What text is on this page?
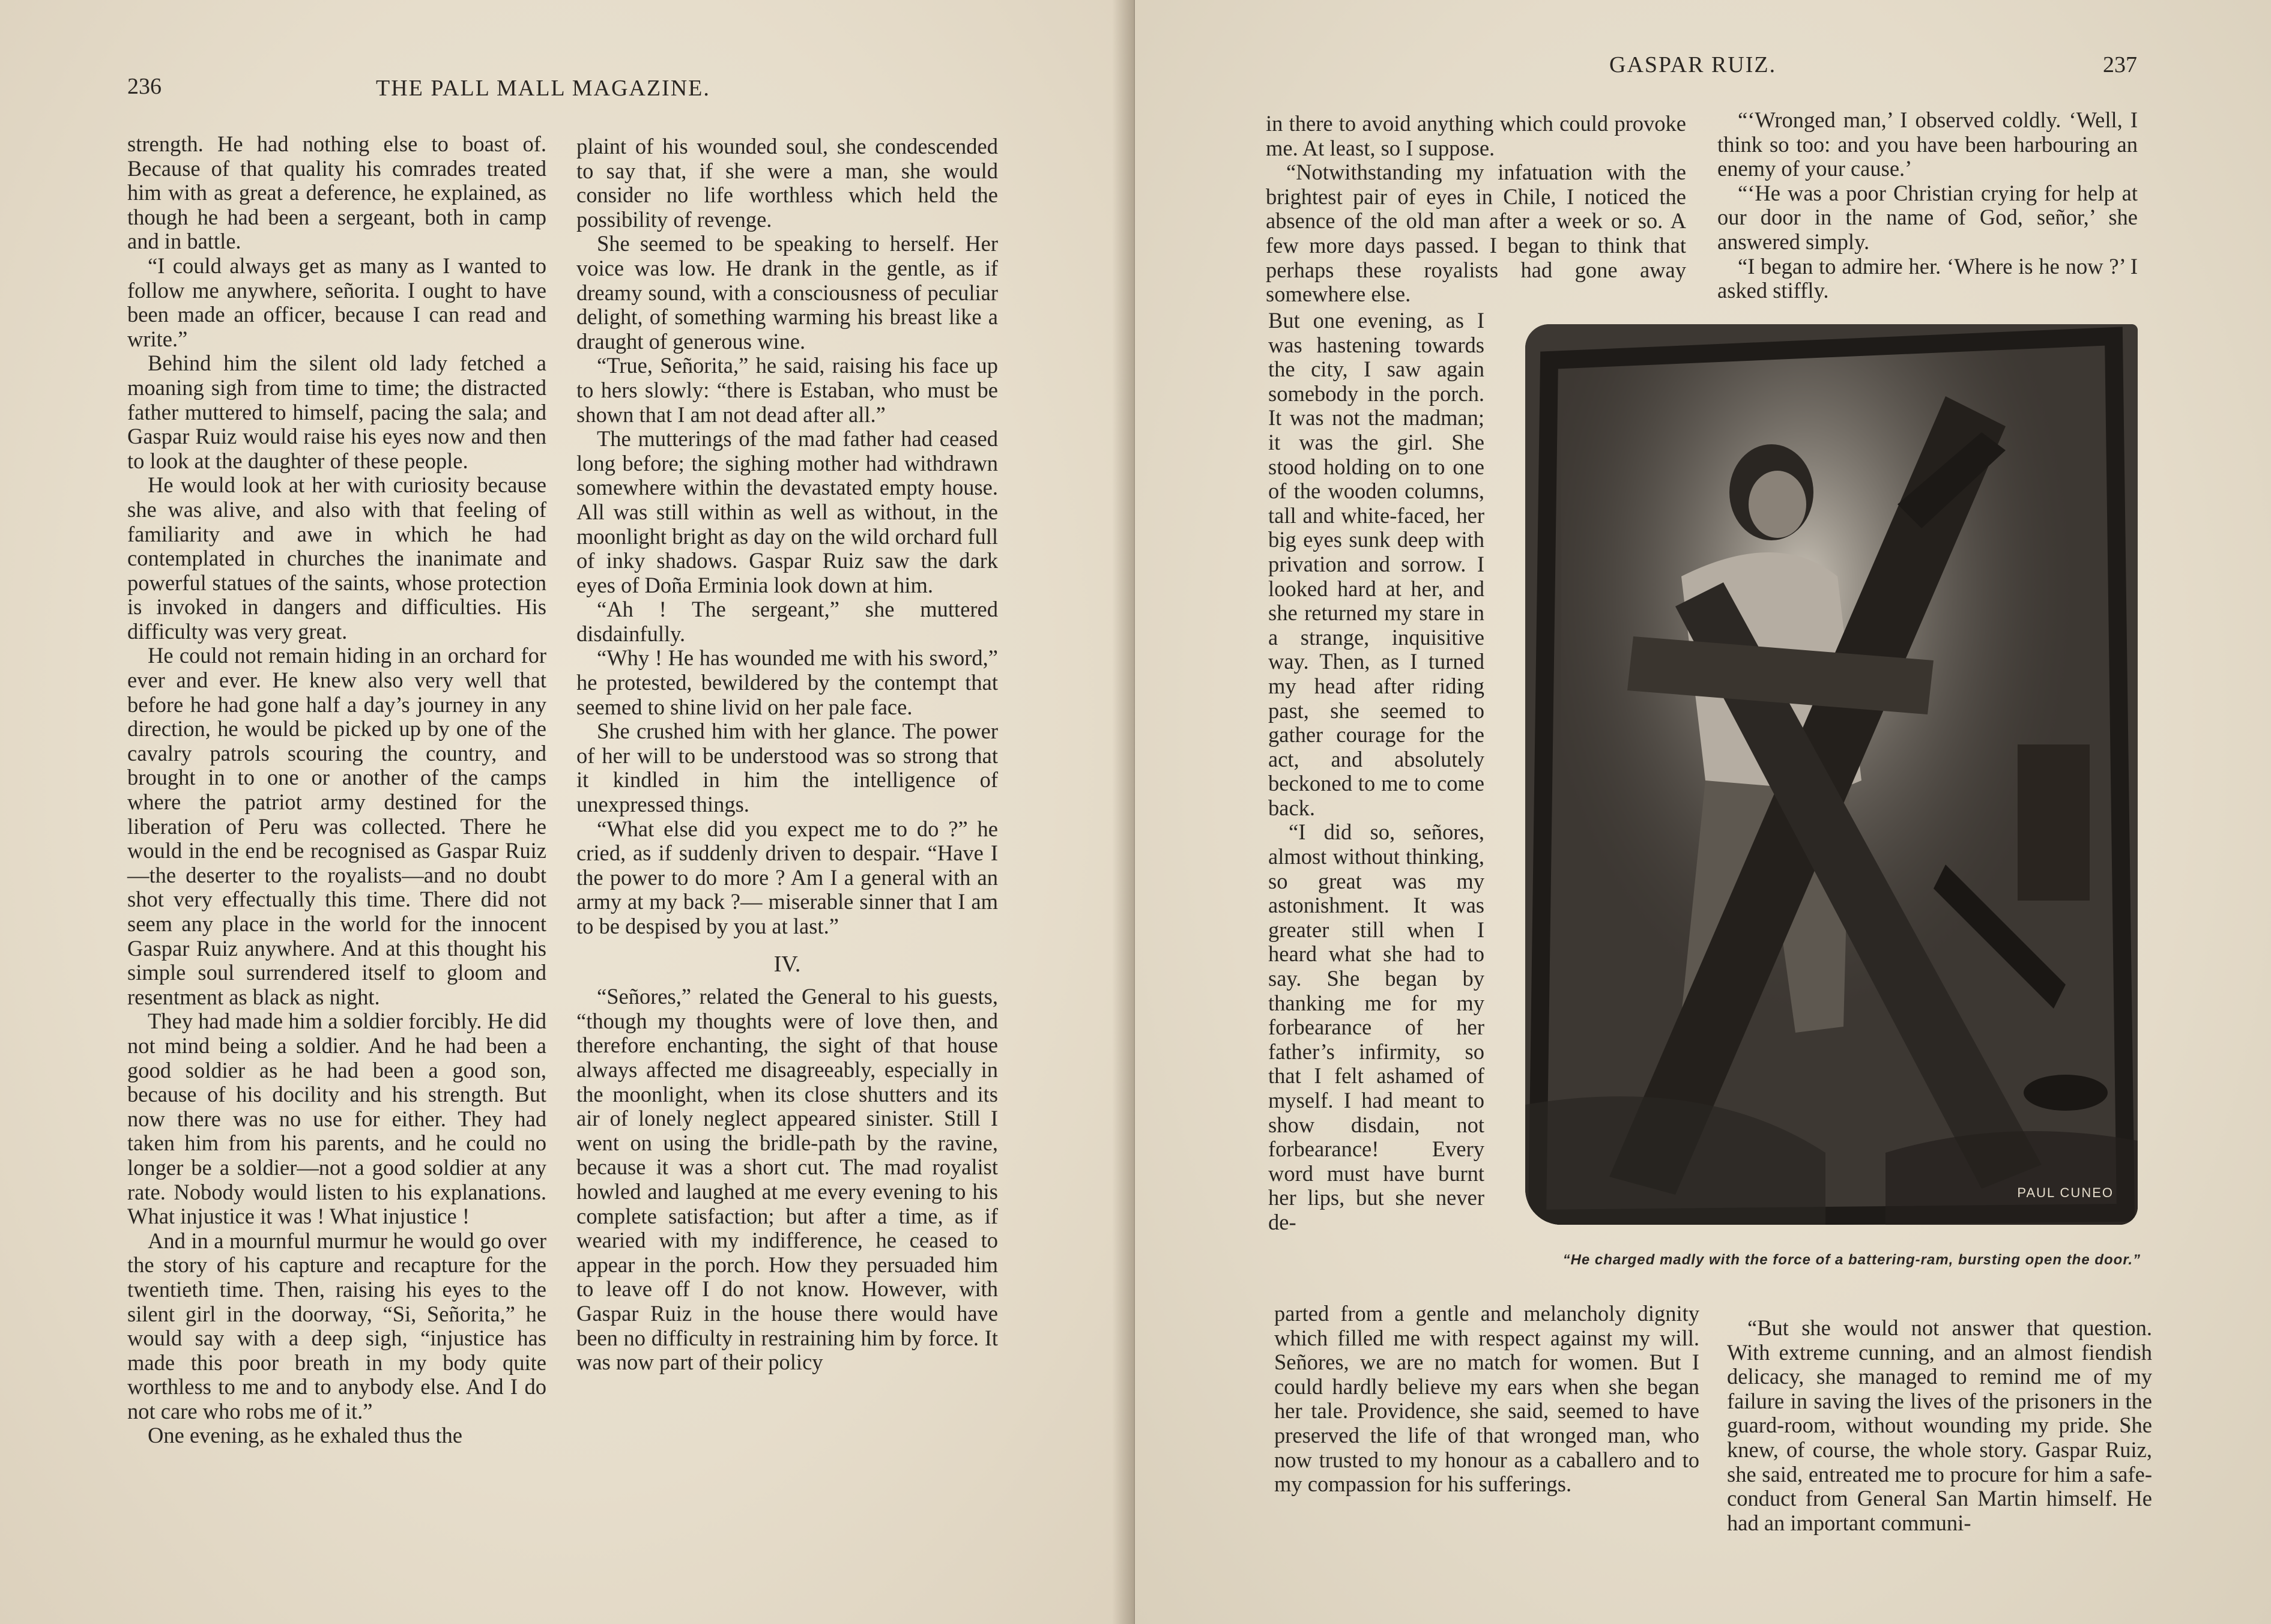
236	THE PALL MALL MAGAZINE.

strength. He had nothing else to boast of. Because of that quality his comrades treated him with as great a deference, he explained, as though he had been a sergeant, both in camp and in battle.

“I could always get as many as I wanted to follow me anywhere, señorita. I ought to have been made an officer, because I can read and write.”

Behind him the silent old lady fetched a moaning sigh from time to time; the distracted father muttered to himself, pacing the sala; and Gaspar Ruiz would raise his eyes now and then to look at the daughter of these people.

He would look at her with curiosity because she was alive, and also with that feeling of familiarity and awe in which he had contemplated in churches the inanimate and powerful statues of the saints, whose protection is invoked in dangers and difficulties. His difficulty was very great.

He could not remain hiding in an orchard for ever and ever. He knew also very well that before he had gone half a day’s journey in any direction, he would be picked up by one of the cavalry patrols scouring the country, and brought in to one or another of the camps where the patriot army destined for the liberation of Peru was collected. There he would in the end be recognised as Gaspar Ruiz —the deserter to the royalists—and no doubt shot very effectually this time. There did not seem any place in the world for the innocent Gaspar Ruiz anywhere. And at this thought his simple soul surrendered itself to gloom and resentment as black as night.

They had made him a soldier forcibly. He did not mind being a soldier. And he had been a good soldier as he had been a good son, because of his docility and his strength. But now there was no use for either. They had taken him from his parents, and he could no longer be a soldier—not a good soldier at any rate. Nobody would listen to his explanations. What injustice it was ! What injustice !

And in a mournful murmur he would go over the story of his capture and recapture for the twentieth time. Then, raising his eyes to the silent girl in the doorway, “Si, Señorita,” he would say with a deep sigh, “injustice has made this poor breath in my body quite worthless to me and to anybody else. And I do not care who robs me of it.”

One evening, as he exhaled thus the

plaint of his wounded soul, she condescended to say that, if she were a man, she would consider no life worthless which held the possibility of revenge.

She seemed to be speaking to herself. Her voice was low. He drank in the gentle, as if dreamy sound, with a consciousness of peculiar delight, of something warming his breast like a draught of generous wine.

“True, Señorita,” he said, raising his face up to hers slowly: “there is Estaban, who must be shown that I am not dead after all.”

The mutterings of the mad father had ceased long before; the sighing mother had withdrawn somewhere within the devastated empty house. All was still within as well as without, in the moonlight bright as day on the wild orchard full of inky shadows. Gaspar Ruiz saw the dark eyes of Doña Erminia look down at him.

“Ah ! The sergeant,” she muttered disdainfully.

“Why ! He has wounded me with his sword,” he protested, bewildered by the contempt that seemed to shine livid on her pale face.

She crushed him with her glance. The power of her will to be understood was so strong that it kindled in him the intelligence of unexpressed things.

“What else did you expect me to do ?” he cried, as if suddenly driven to despair. “Have I the power to do more ? Am I a general with an army at my back ?— miserable sinner that I am to be despised by you at last.”

IV.

“Señores,” related the General to his guests, “though my thoughts were of love then, and therefore enchanting, the sight of that house always affected me disagreeably, especially in the moonlight, when its close shutters and its air of lonely neglect appeared sinister. Still I went on using the bridle-path by the ravine, because it was a short cut. The mad royalist howled and laughed at me every evening to his complete satisfaction; but after a time, as if wearied with my indifference, he ceased to appear in the porch. How they persuaded him to leave off I do not know. However, with Gaspar Ruiz in the house there would have been no difficulty in restraining him by force. It was now part of their policy

GASPAR RUIZ.	237

in there to avoid anything which could provoke me. At least, so I suppose.

“Notwithstanding my infatuation with the brightest pair of eyes in Chile, I noticed the absence of the old man after a week or so. A few more days passed. I began to think that perhaps these royalists had gone away somewhere else.

But one evening, as I was hastening towards the city, I saw again somebody in the porch. It was not the madman; it was the girl. She stood holding on to one of the wooden columns, tall and white-faced, her big eyes sunk deep with privation and sorrow. I looked hard at her, and she returned my stare in a strange, inquisitive way. Then, as I turned my head after riding past, she seemed to gather courage for the act, and absolutely beckoned to me to come back.

“I did so, señores, almost without thinking, so great was my astonishment. It was greater still when I heard what she had to say. She began by thanking me for my forbearance of her father’s infirmity, so that I felt ashamed of myself. I had meant to show disdain, not forbearance! Every word must have burnt her lips, but she never de-

parted from a gentle and melancholy dignity which filled me with respect against my will. Señores, we are no match for women. But I could hardly believe my ears when she began her tale. Providence, she said, seemed to have preserved the life of that wronged man, who now trusted to my honour as a caballero and to my compassion for his sufferings.

“‘Wronged man,’ I observed coldly. ‘Well, I think so too: and you have been harbouring an enemy of your cause.’

“‘He was a poor Christian crying for help at our door in the name of God, señor,’ she answered simply.

“I began to admire her. ‘Where is he now ?’ I asked stiffly.

“But she would not answer that question. With extreme cunning, and an almost fiendish delicacy, she managed to remind me of my failure in saving the lives of the prisoners in the guard-room, without wounding my pride. She knew, of course, the whole story. Gaspar Ruiz, she said, entreated me to procure for him a safe-conduct from General San Martin himself. He had an important communi-

PAUL CUNEO
“He charged madly with the force of a battering-ram, bursting open the door.”
